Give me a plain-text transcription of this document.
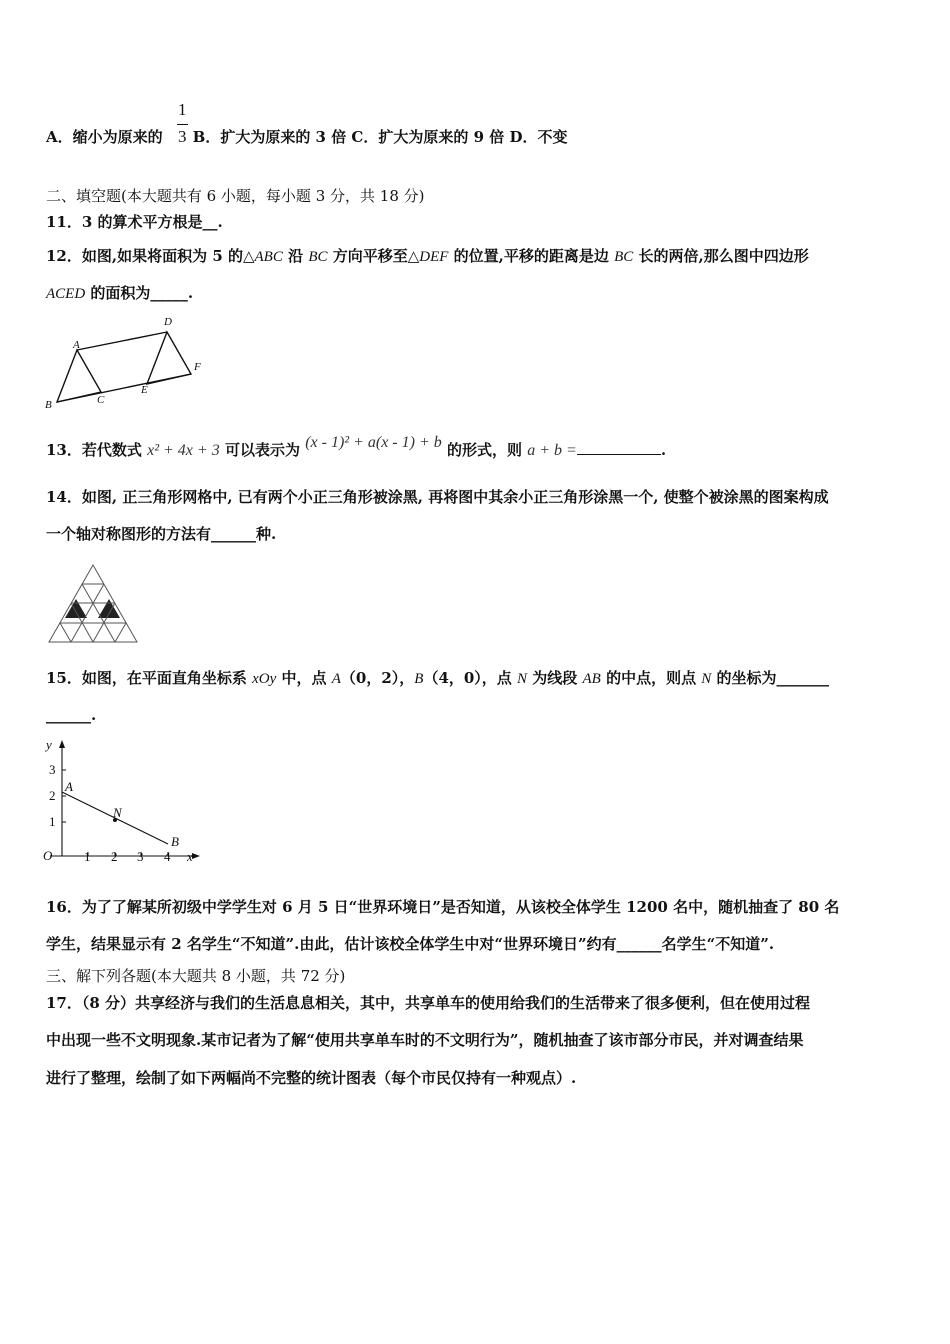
1
3
A．缩小为原来的 B．扩大为原来的 3 倍 C．扩大为原来的 9 倍 D．不变
二、填空题(本大题共有 6 小题，每小题 3 分，共 18 分)
11．3 的算术平方根是__.
12．如图,如果将面积为 5 的△ABC 沿 BC 方向平移至△DEF 的位置,平移的距离是边 BC 长的两倍,那么图中四边形
ACED 的面积为_____.
A
B	C
D
E
F
13．若代数式 x² + 4x + 3 可以表示为 (x - 1)² + a(x - 1) + b 的形式，则 a + b =	.
14．如图, 正三角形网格中, 已有两个小正三角形被涂黑, 再将图中其余小正三角形涂黑一个, 使整个被涂黑的图案构成
一个轴对称图形的方法有______种.
15．如图，在平面直角坐标系 xOy 中，点 A（0，2），B（4，0），点 N 为线段 AB 的中点，则点 N 的坐标为_______
______.
y
x
O
1
2
3
1 2 3 4
A
B
N
16．为了了解某所初级中学学生对 6 月 5 日“世界环境日”是否知道，从该校全体学生 1200 名中，随机抽查了 80 名
学生，结果显示有 2 名学生“不知道”.由此，估计该校全体学生中对“世界环境日”约有______名学生“不知道”.
三、解下列各题(本大题共 8 小题，共 72 分)
17．（8 分）共享经济与我们的生活息息相关，其中，共享单车的使用给我们的生活带来了很多便利，但在使用过程
中出现一些不文明现象.某市记者为了解“使用共享单车时的不文明行为”，随机抽查了该市部分市民，并对调查结果
进行了整理，绘制了如下两幅尚不完整的统计图表（每个市民仅持有一种观点）.
